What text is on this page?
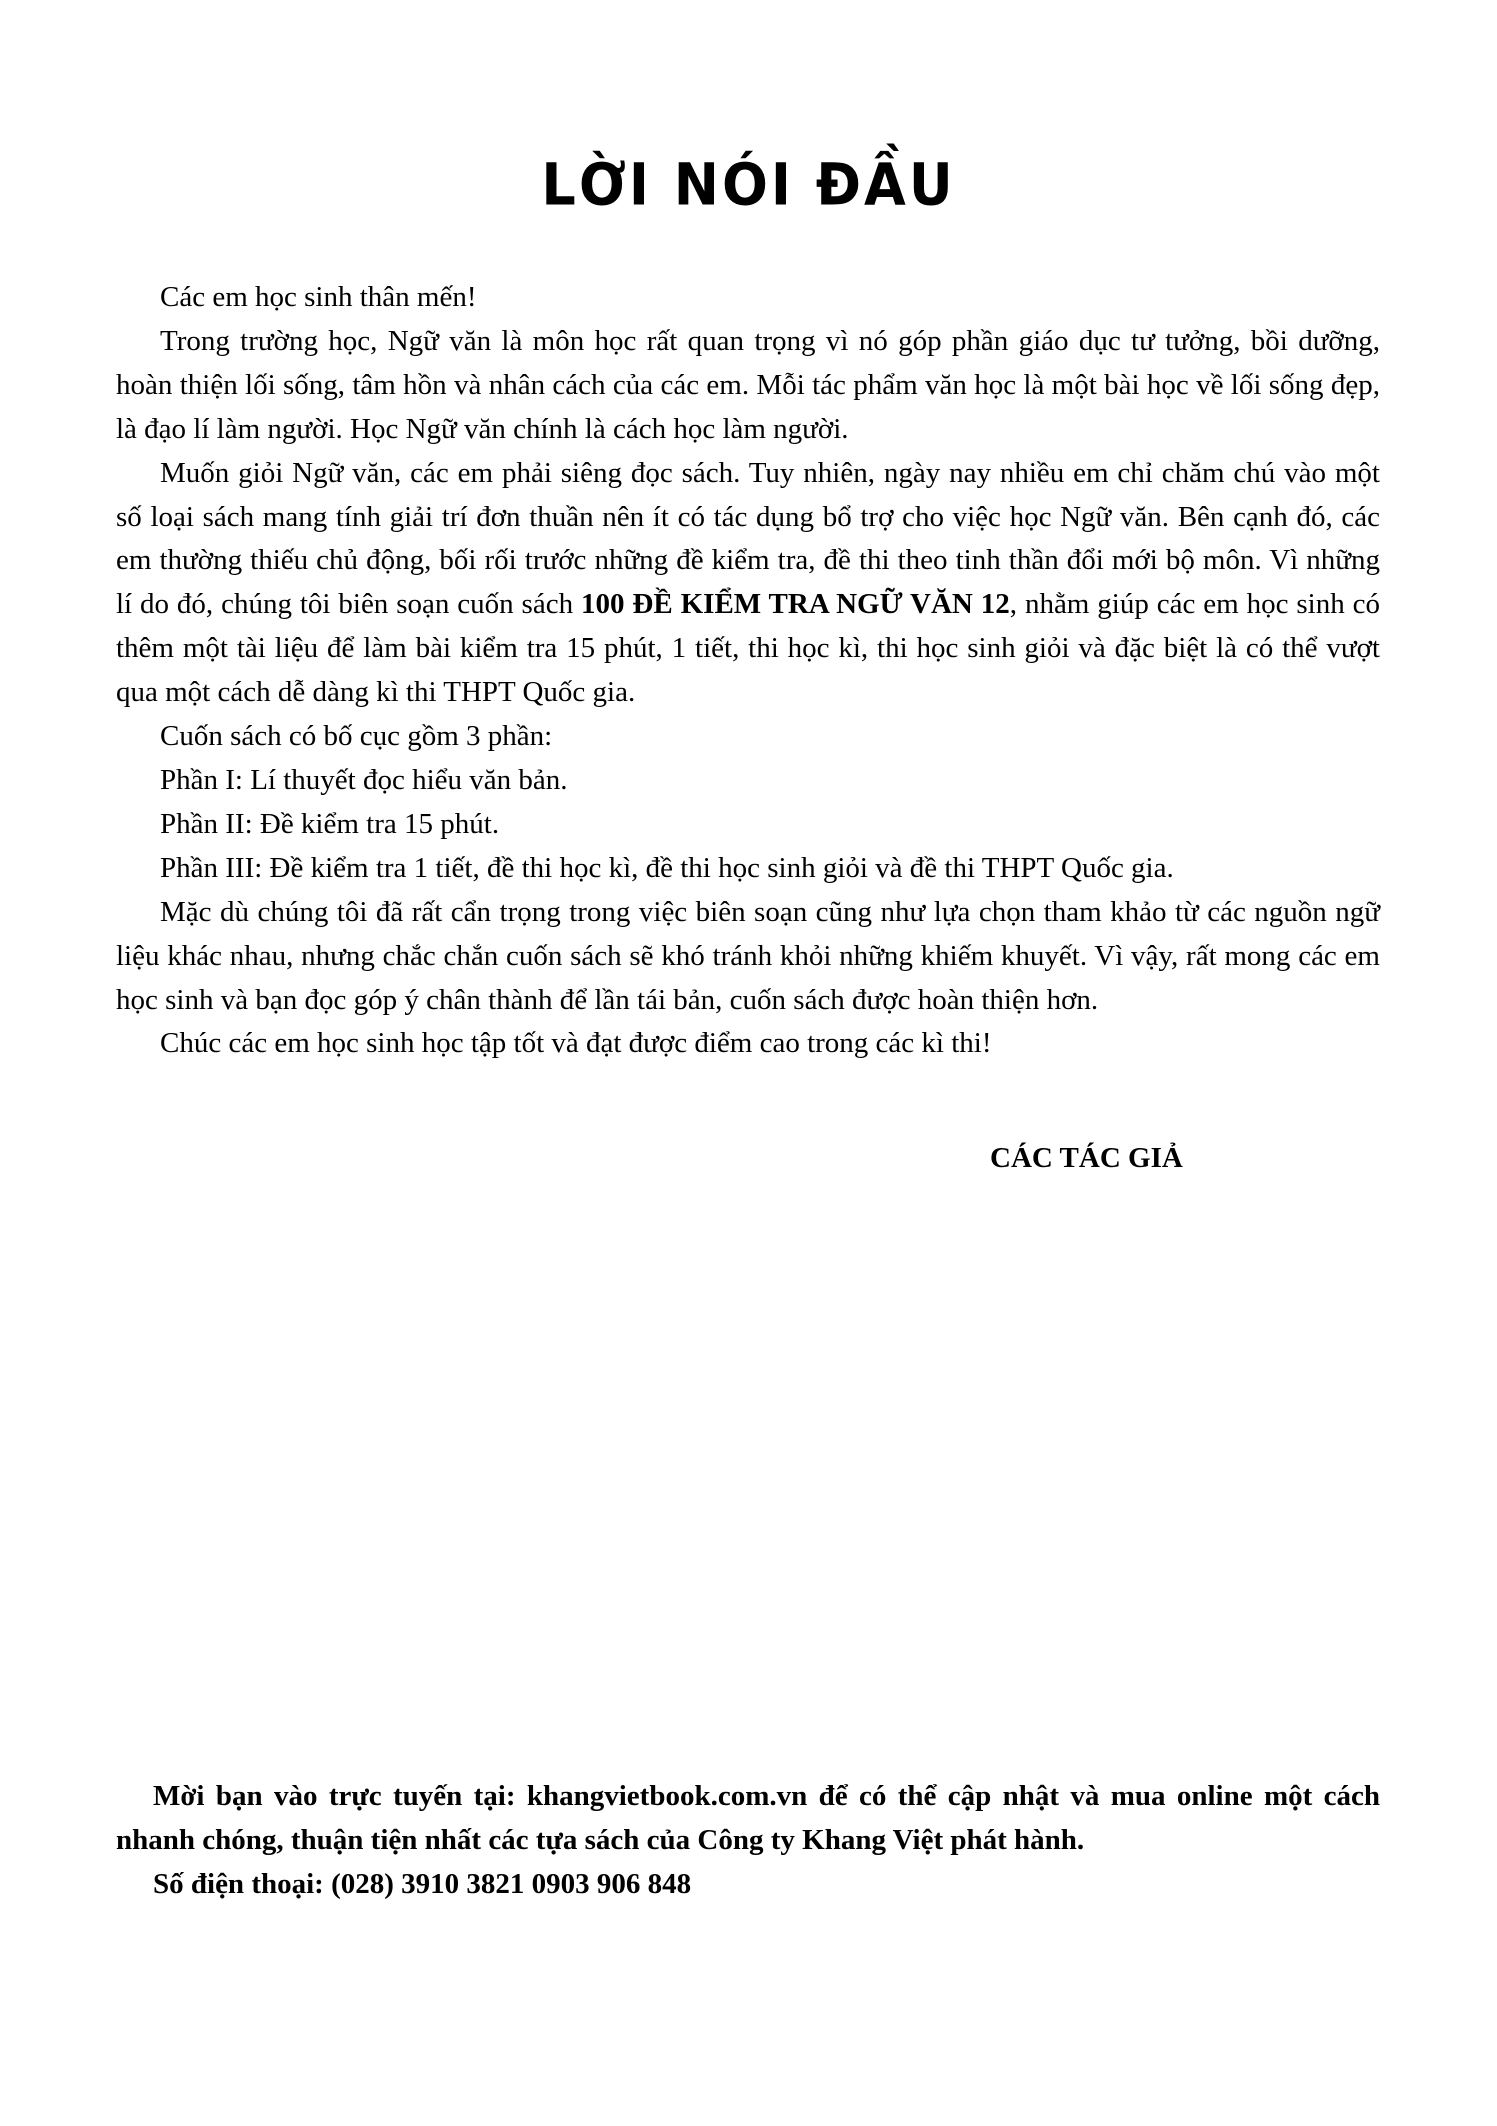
LỜI NÓI ĐẦU

Các em học sinh thân mến!

Trong trường học, Ngữ văn là môn học rất quan trọng vì nó góp phần giáo dục tư tưởng, bồi dưỡng, hoàn thiện lối sống, tâm hồn và nhân cách của các em. Mỗi tác phẩm văn học là một bài học về lối sống đẹp, là đạo lí làm người. Học Ngữ văn chính là cách học làm người.

Muốn giỏi Ngữ văn, các em phải siêng đọc sách. Tuy nhiên, ngày nay nhiều em chỉ chăm chú vào một số loại sách mang tính giải trí đơn thuần nên ít có tác dụng bổ trợ cho việc học Ngữ văn. Bên cạnh đó, các em thường thiếu chủ động, bối rối trước những đề kiểm tra, đề thi theo tinh thần đổi mới bộ môn. Vì những lí do đó, chúng tôi biên soạn cuốn sách 100 ĐỀ KIỂM TRA NGỮ VĂN 12, nhằm giúp các em học sinh có thêm một tài liệu để làm bài kiểm tra 15 phút, 1 tiết, thi học kì, thi học sinh giỏi và đặc biệt là có thể vượt qua một cách dễ dàng kì thi THPT Quốc gia.

Cuốn sách có bố cục gồm 3 phần:

Phần I: Lí thuyết đọc hiểu văn bản.

Phần II: Đề kiểm tra 15 phút.

Phần III: Đề kiểm tra 1 tiết, đề thi học kì, đề thi học sinh giỏi và đề thi THPT Quốc gia.

Mặc dù chúng tôi đã rất cẩn trọng trong việc biên soạn cũng như lựa chọn tham khảo từ các nguồn ngữ liệu khác nhau, nhưng chắc chắn cuốn sách sẽ khó tránh khỏi những khiếm khuyết. Vì vậy, rất mong các em học sinh và bạn đọc góp ý chân thành để lần tái bản, cuốn sách được hoàn thiện hơn.

Chúc các em học sinh học tập tốt và đạt được điểm cao trong các kì thi!

CÁC TÁC GIẢ

Mời bạn vào trực tuyến tại: khangvietbook.com.vn để có thể cập nhật và mua online một cách nhanh chóng, thuận tiện nhất các tựa sách của Công ty Khang Việt phát hành.

Số điện thoại: (028) 3910 3821 0903 906 848
